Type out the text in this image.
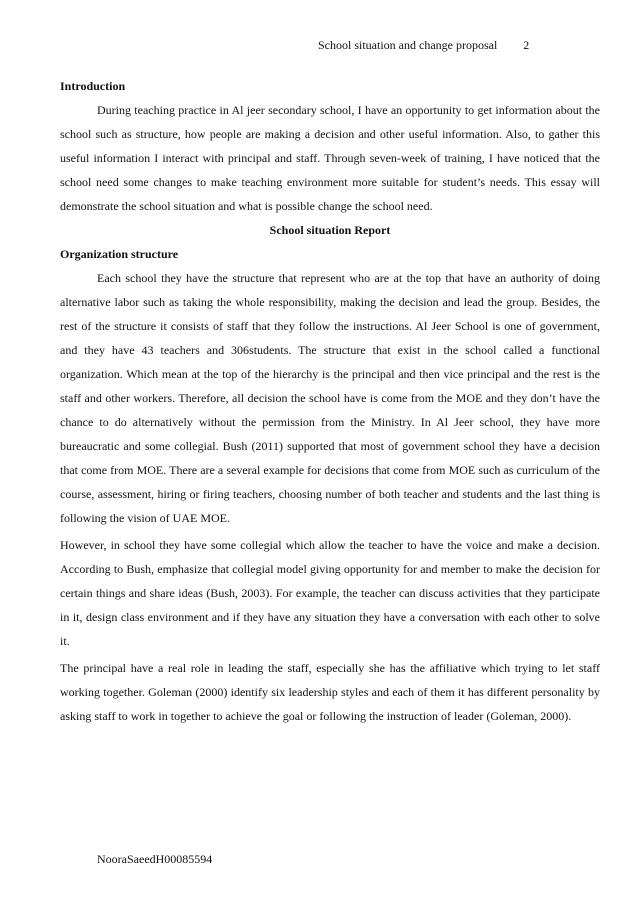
School situation and change proposal 2

Introduction

During teaching practice in Al jeer secondary school, I have an opportunity to get information about the school such as structure, how people are making a decision and other useful information. Also, to gather this useful information I interact with principal and staff. Through seven-week of training, I have noticed that the school need some changes to make teaching environment more suitable for student’s needs. This essay will demonstrate the school situation and what is possible change the school need.

School situation Report

Organization structure

Each school they have the structure that represent who are at the top that have an authority of doing alternative labor such as taking the whole responsibility, making the decision and lead the group. Besides, the rest of the structure it consists of staff that they follow the instructions. Al Jeer School is one of government, and they have 43 teachers and 306students. The structure that exist in the school called a functional organization. Which mean at the top of the hierarchy is the principal and then vice principal and the rest is the staff and other workers. Therefore, all decision the school have is come from the MOE and they don’t have the chance to do alternatively without the permission from the Ministry. In Al Jeer school, they have more bureaucratic and some collegial. Bush (2011) supported that most of government school they have a decision that come from MOE. There are a several example for decisions that come from MOE such as curriculum of the course, assessment, hiring or firing teachers, choosing number of both teacher and students and the last thing is following the vision of UAE MOE.

However, in school they have some collegial which allow the teacher to have the voice and make a decision. According to Bush, emphasize that collegial model giving opportunity for and member to make the decision for certain things and share ideas (Bush, 2003). For example, the teacher can discuss activities that they participate in it, design class environment and if they have any situation they have a conversation with each other to solve it.

The principal have a real role in leading the staff, especially she has the affiliative which trying to let staff working together. Goleman (2000) identify six leadership styles and each of them it has different personality by asking staff to work in together to achieve the goal or following the instruction of leader (Goleman, 2000).

NooraSaeedH00085594
